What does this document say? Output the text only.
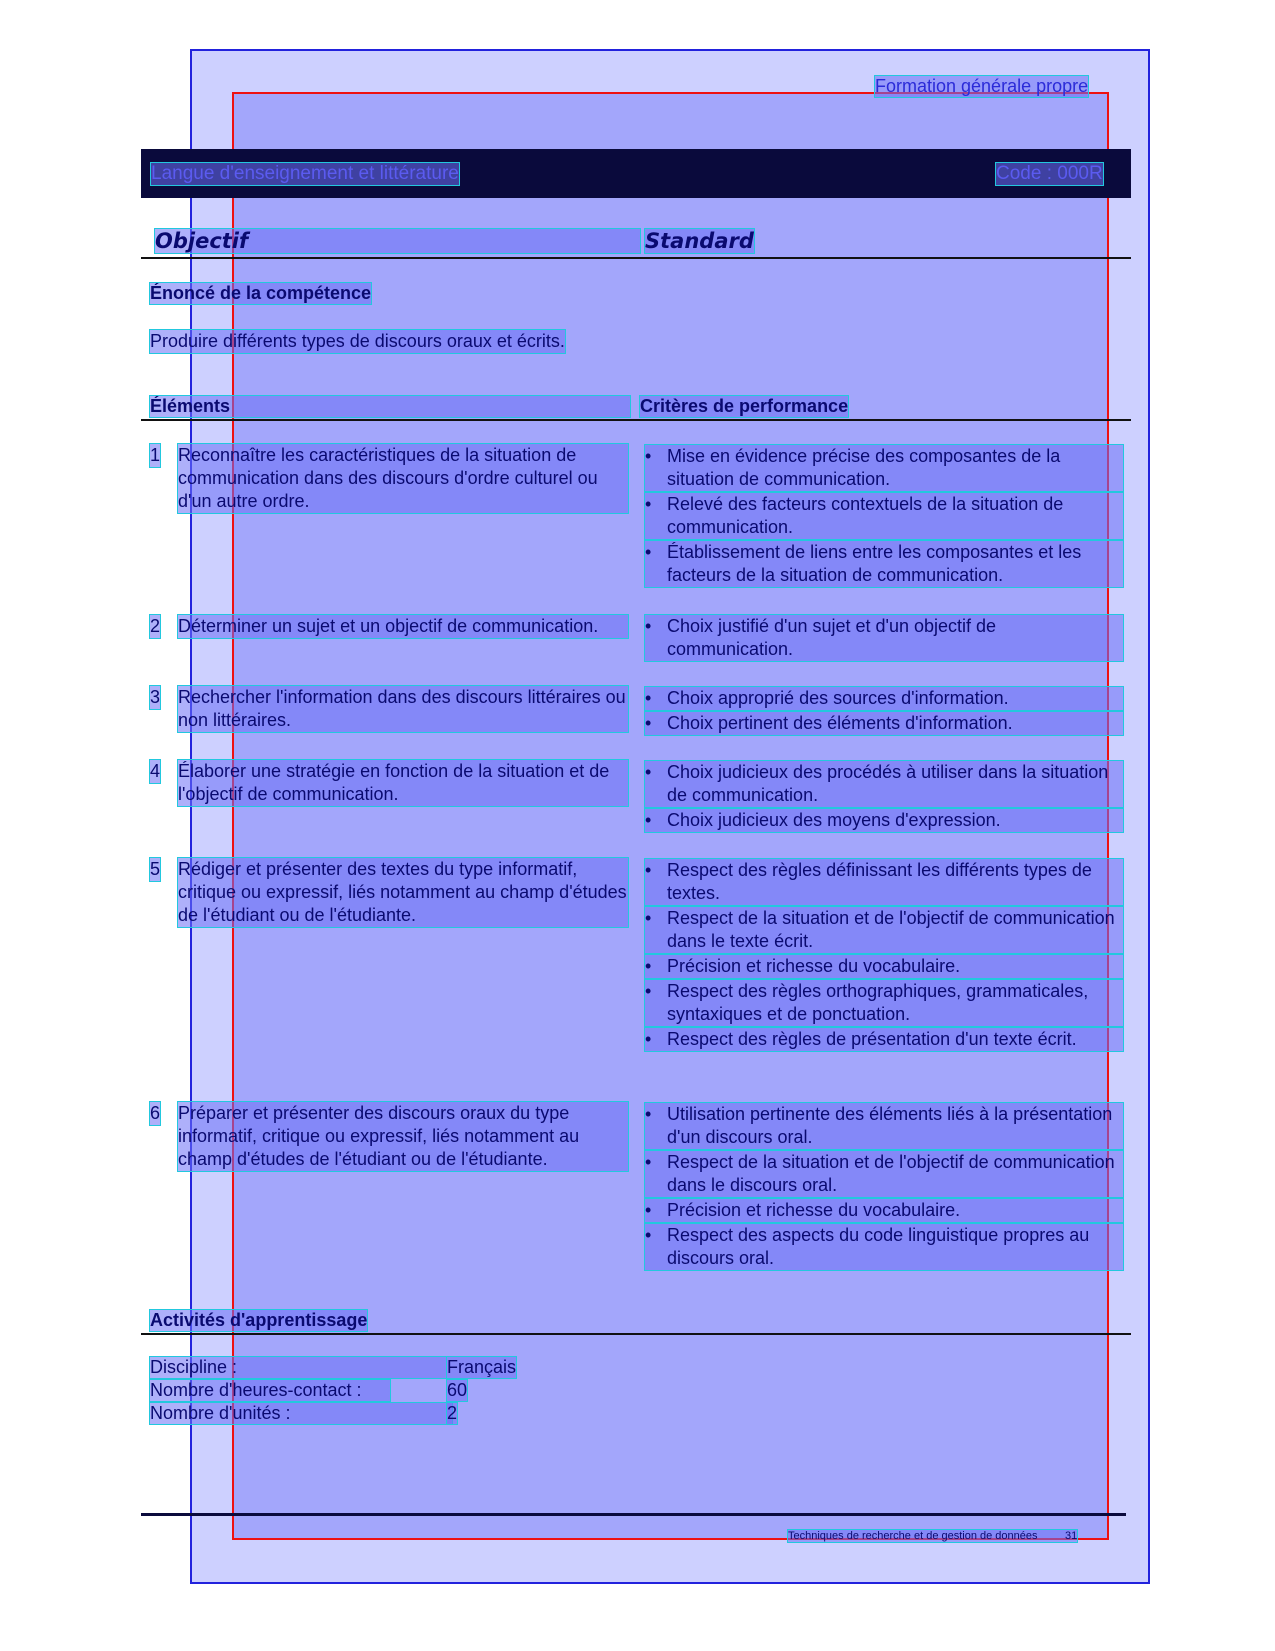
Formation générale propre
Langue d'enseignement et littérature	Code : 000R
Objectif	Standard
Énoncé de la compétence
Produire différents types de discours oraux et écrits.
Éléments	Critères de performance
1 Reconnaître les caractéristiques de la situation de communication dans des discours d'ordre culturel ou d'un autre ordre.
• Mise en évidence précise des composantes de la situation de communication.
• Relevé des facteurs contextuels de la situation de communication.
• Établissement de liens entre les composantes et les facteurs de la situation de communication.
2 Déterminer un sujet et un objectif de communication.	• Choix justifié d'un sujet et d'un objectif de communication.
3 Rechercher l'information dans des discours littéraires ou non littéraires.
• Choix approprié des sources d'information.
• Choix pertinent des éléments d'information.
4 Élaborer une stratégie en fonction de la situation et de l'objectif de communication.
• Choix judicieux des procédés à utiliser dans la situation de communication.
• Choix judicieux des moyens d'expression.
5 Rédiger et présenter des textes du type informatif, critique ou expressif, liés notamment au champ d'études de l'étudiant ou de l'étudiante.
• Respect des règles définissant les différents types de textes.
• Respect de la situation et de l'objectif de communication dans le texte écrit.
• Précision et richesse du vocabulaire.
• Respect des règles orthographiques, grammaticales, syntaxiques et de ponctuation.
• Respect des règles de présentation d'un texte écrit.
6 Préparer et présenter des discours oraux du type informatif, critique ou expressif, liés notamment au champ d'études de l'étudiant ou de l'étudiante.
• Utilisation pertinente des éléments liés à la présentation d'un discours oral.
• Respect de la situation et de l'objectif de communication dans le discours oral.
• Précision et richesse du vocabulaire.
• Respect des aspects du code linguistique propres au discours oral.
Activités d'apprentissage
Discipline :	Français
Nombre d'heures-contact :	60
Nombre d'unités :	2
Techniques de recherche et de gestion de données	31
